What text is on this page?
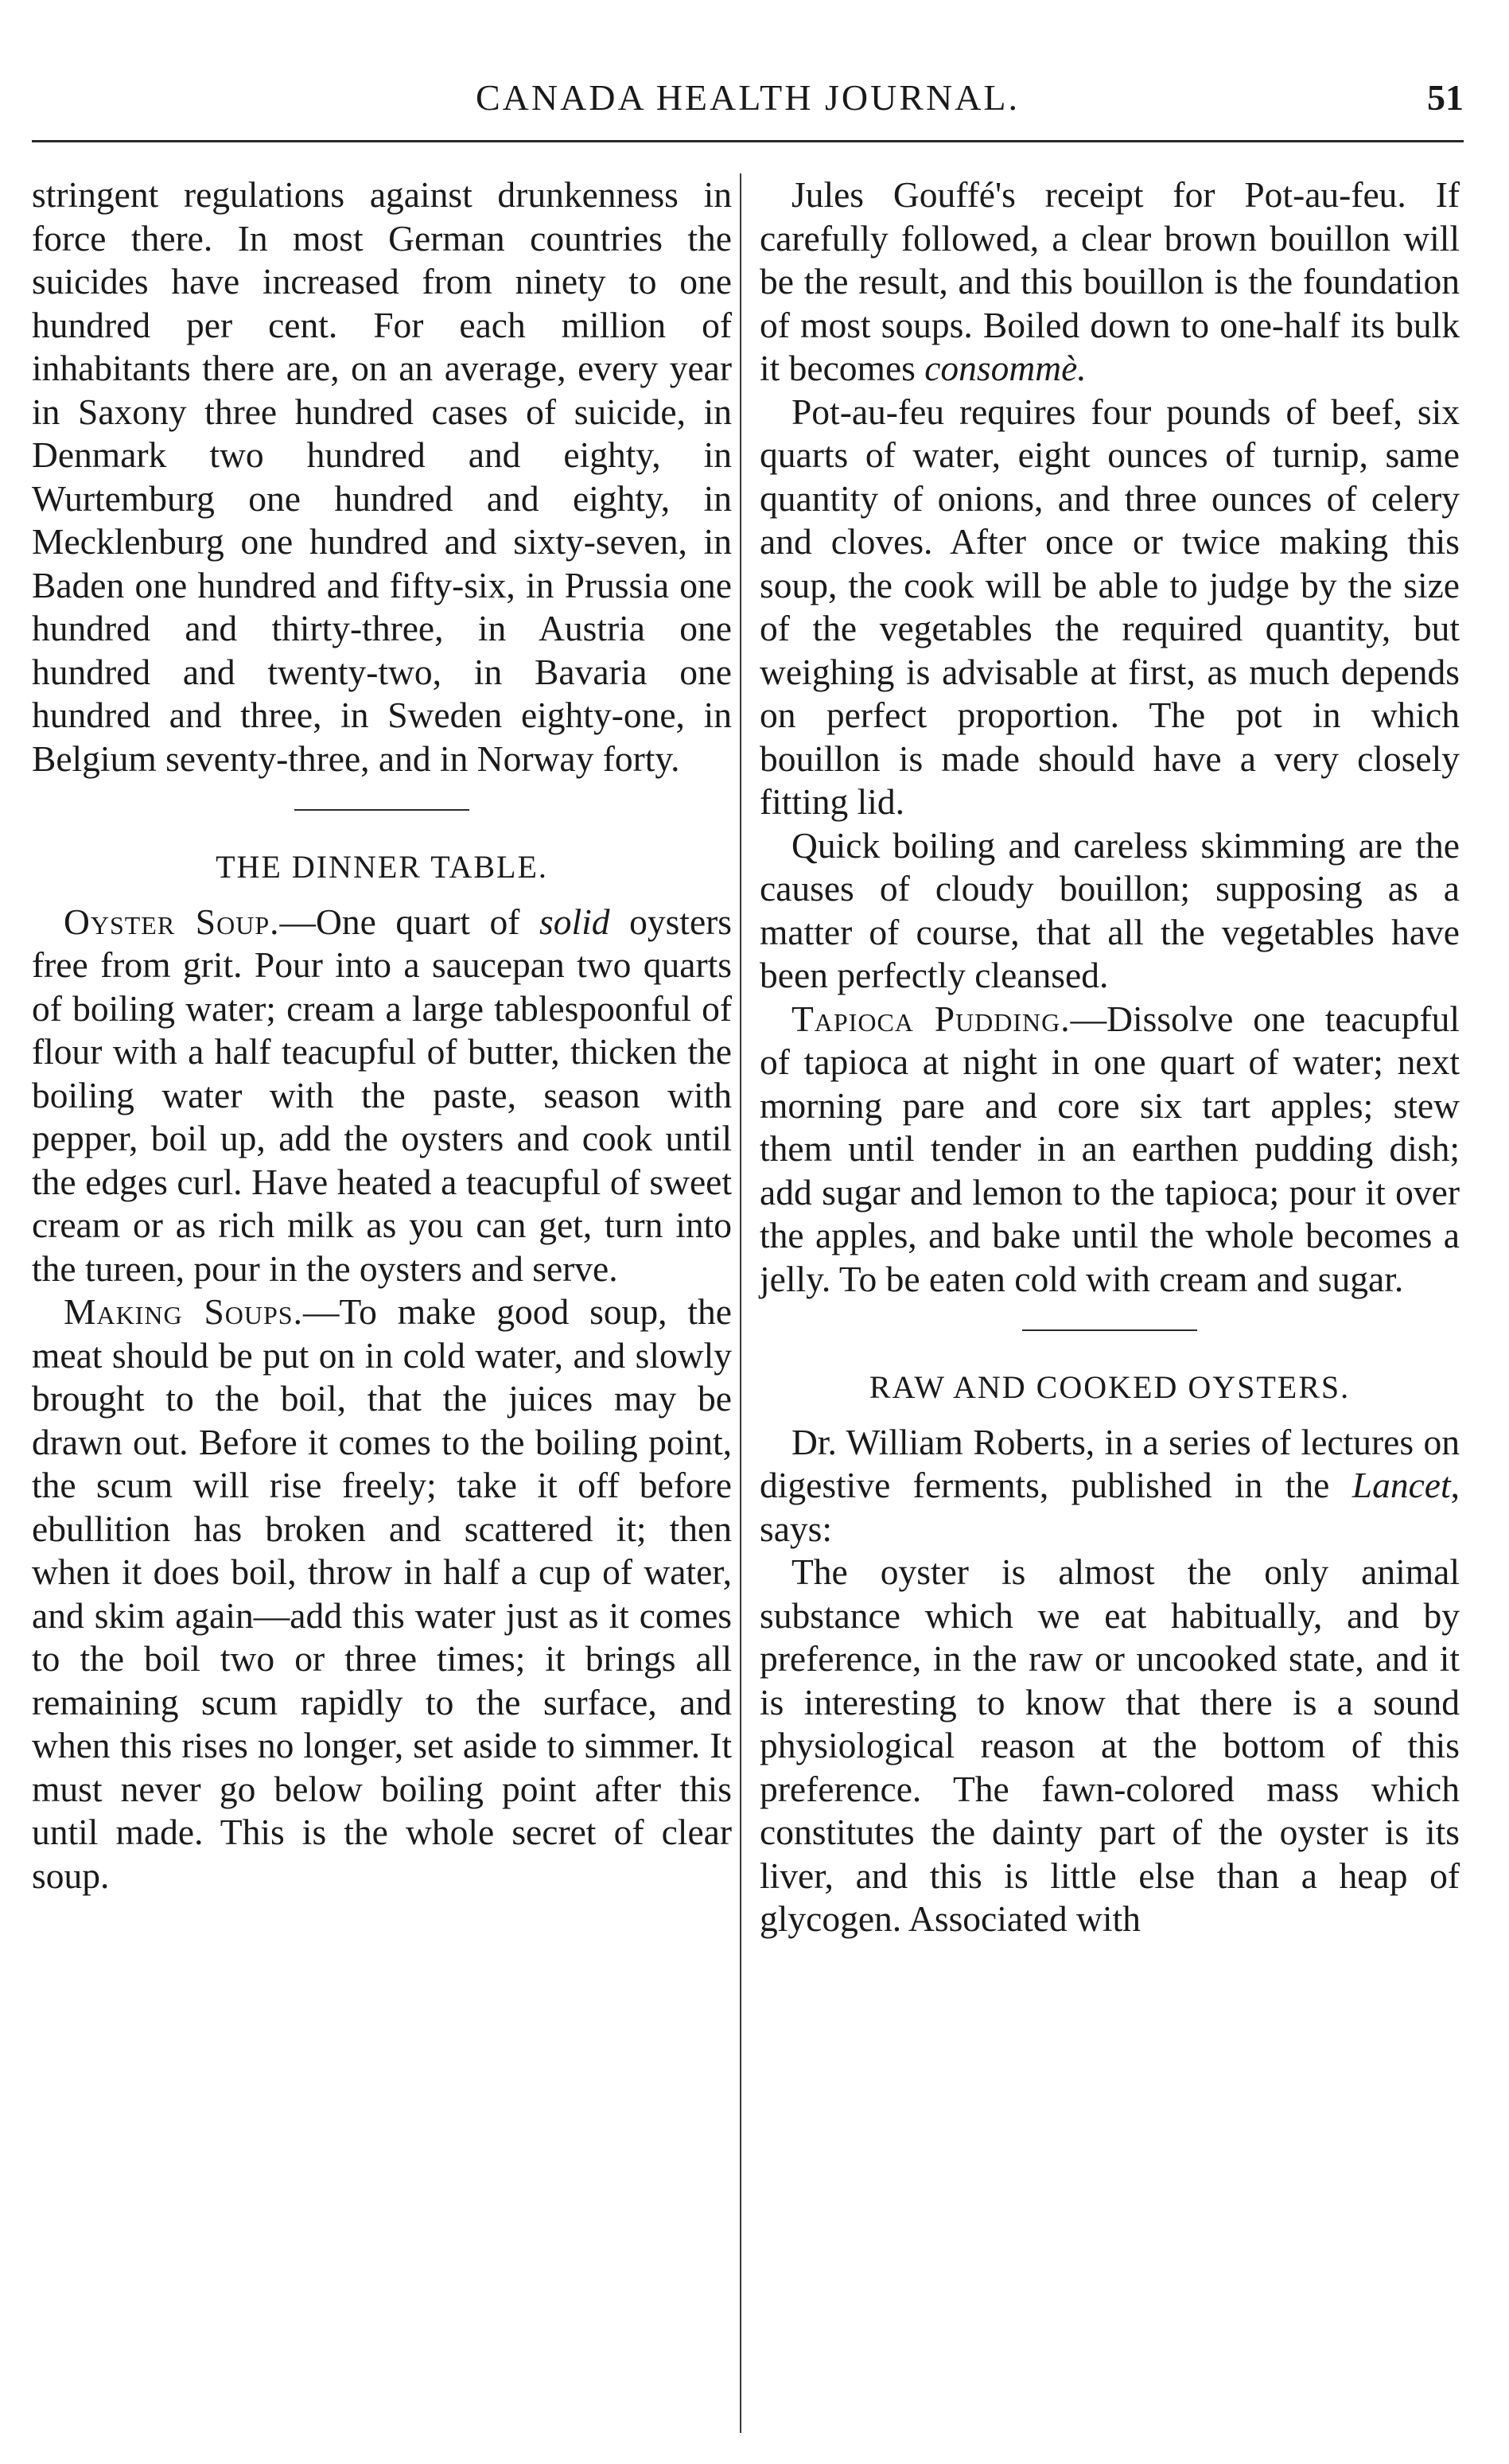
CANADA HEALTH JOURNAL.	51

stringent regulations against drunkenness in force there. In most German countries the suicides have increased from ninety to one hundred per cent. For each million of inhabitants there are, on an average, every year in Saxony three hundred cases of suicide, in Denmark two hundred and eighty, in Wurtemburg one hundred and eighty, in Mecklenburg one hundred and sixty-seven, in Baden one hundred and fifty-six, in Prussia one hundred and thirty-three, in Austria one hundred and twenty-two, in Bavaria one hundred and three, in Sweden eighty-one, in Belgium seventy-three, and in Norway forty.

THE DINNER TABLE.

Oyster Soup.—One quart of solid oysters free from grit. Pour into a saucepan two quarts of boiling water; cream a large tablespoonful of flour with a half teacupful of butter, thicken the boiling water with the paste, season with pepper, boil up, add the oysters and cook until the edges curl. Have heated a teacupful of sweet cream or as rich milk as you can get, turn into the tureen, pour in the oysters and serve.

Making Soups.—To make good soup, the meat should be put on in cold water, and slowly brought to the boil, that the juices may be drawn out. Before it comes to the boiling point, the scum will rise freely; take it off before ebullition has broken and scattered it; then when it does boil, throw in half a cup of water, and skim again—add this water just as it comes to the boil two or three times; it brings all remaining scum rapidly to the surface, and when this rises no longer, set aside to simmer. It must never go below boiling point after this until made. This is the whole secret of clear soup.

Jules Gouffé's receipt for Pot-au-feu. If carefully followed, a clear brown bouillon will be the result, and this bouillon is the foundation of most soups. Boiled down to one-half its bulk it becomes consommè.

Pot-au-feu requires four pounds of beef, six quarts of water, eight ounces of turnip, same quantity of onions, and three ounces of celery and cloves. After once or twice making this soup, the cook will be able to judge by the size of the vegetables the required quantity, but weighing is advisable at first, as much depends on perfect proportion. The pot in which bouillon is made should have a very closely fitting lid.

Quick boiling and careless skimming are the causes of cloudy bouillon; supposing as a matter of course, that all the vegetables have been perfectly cleansed.

Tapioca Pudding.—Dissolve one teacupful of tapioca at night in one quart of water; next morning pare and core six tart apples; stew them until tender in an earthen pudding dish; add sugar and lemon to the tapioca; pour it over the apples, and bake until the whole becomes a jelly. To be eaten cold with cream and sugar.

RAW AND COOKED OYSTERS.

Dr. William Roberts, in a series of lectures on digestive ferments, published in the Lancet, says:

The oyster is almost the only animal substance which we eat habitually, and by preference, in the raw or uncooked state, and it is interesting to know that there is a sound physiological reason at the bottom of this preference. The fawn-colored mass which constitutes the dainty part of the oyster is its liver, and this is little else than a heap of glycogen. Associated with
